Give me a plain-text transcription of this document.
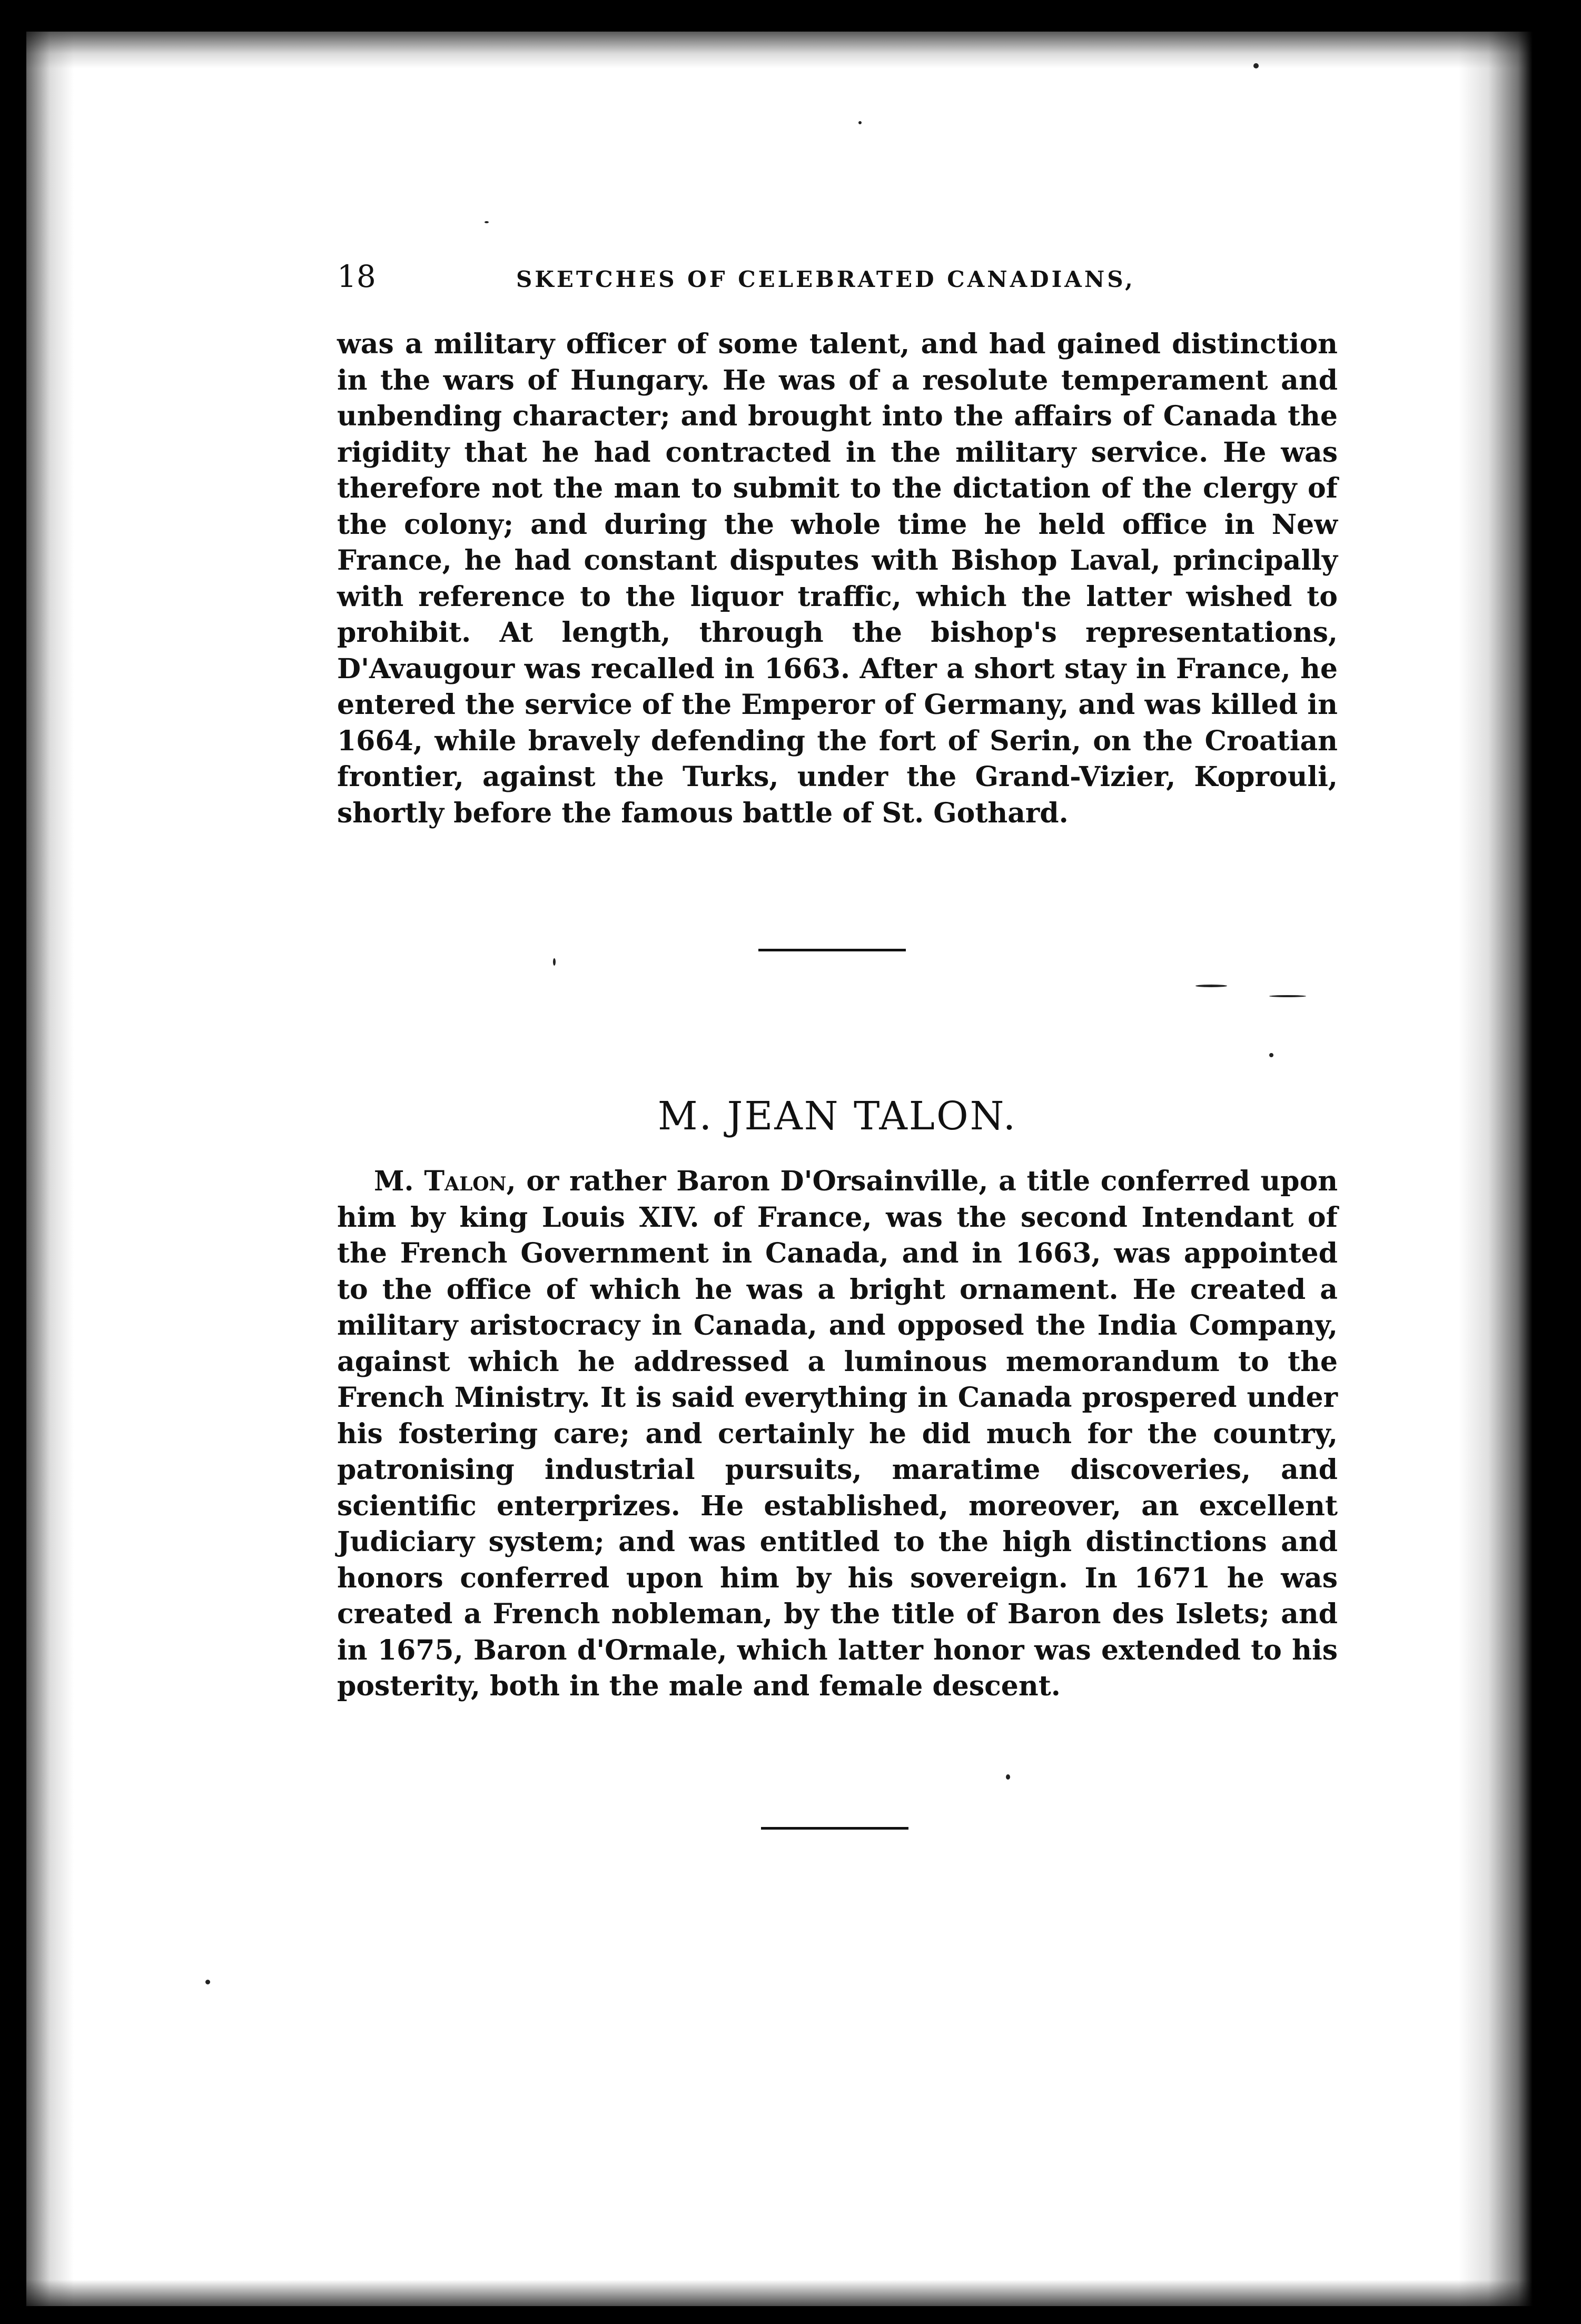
18	SKETCHES OF CELEBRATED CANADIANS,

was a military officer of some talent, and had gained distinction in the wars of Hungary. He was of a resolute temperament and unbending character; and brought into the affairs of Canada the rigidity that he had contracted in the military service. He was therefore not the man to submit to the dictation of the clergy of the colony; and during the whole time he held office in New France, he had constant disputes with Bishop Laval, principally with reference to the liquor traffic, which the latter wished to prohibit. At length, through the bishop's representations, D'Avaugour was recalled in 1663. After a short stay in France, he entered the service of the Emperor of Germany, and was killed in 1664, while bravely defending the fort of Serin, on the Croatian frontier, against the Turks, under the Grand-Vizier, Koprouli, shortly before the famous battle of St. Gothard.

M. JEAN TALON.
M. Talon, or rather Baron D'Orsainville, a title conferred upon him by king Louis XIV. of France, was the second Intendant of the French Government in Canada, and in 1663, was appointed to the office of which he was a bright ornament. He created a military aristocracy in Canada, and opposed the India Company, against which he addressed a luminous memorandum to the French Ministry. It is said everything in Canada prospered under his fostering care; and certainly he did much for the country, patronising industrial pursuits, maratime discoveries, and scientific enterprizes. He established, moreover, an excellent Judiciary system; and was entitled to the high distinctions and honors conferred upon him by his sovereign. In 1671 he was created a French nobleman, by the title of Baron des Islets; and in 1675, Baron d'Ormale, which latter honor was extended to his posterity, both in the male and female descent.
